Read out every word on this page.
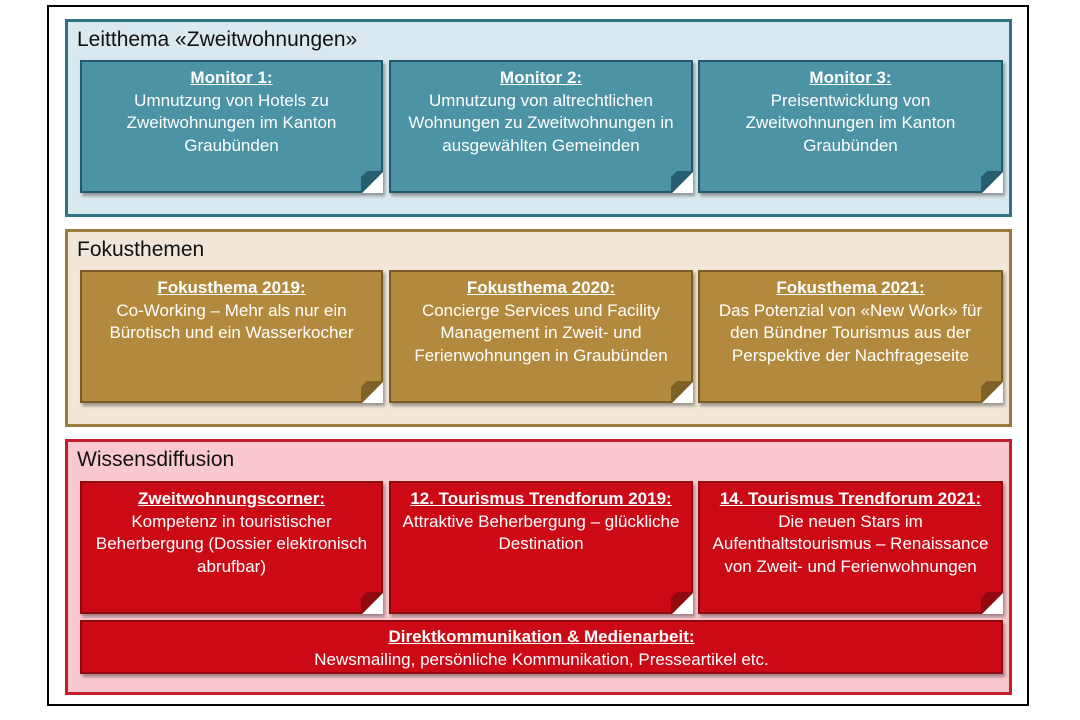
Leitthema «Zweitwohnungen»
Monitor 1:
Umnutzung von Hotels zu Zweitwohnungen im Kanton Graubünden
Monitor 2:
Umnutzung von altrechtlichen Wohnungen zu Zweitwohnungen in ausgewählten Gemeinden
Monitor 3:
Preisentwicklung von Zweitwohnungen im Kanton Graubünden
Fokusthemen
Fokusthema 2019:
Co-Working – Mehr als nur ein Bürotisch und ein Wasserkocher
Fokusthema 2020:
Concierge Services und Facility Management in Zweit- und Ferienwohnungen in Graubünden
Fokusthema 2021:
Das Potenzial von «New Work» für den Bündner Tourismus aus der Perspektive der Nachfrageseite
Wissensdiffusion
Zweitwohnungscorner:
Kompetenz in touristischer Beherbergung (Dossier elektronisch abrufbar)
12. Tourismus Trendforum 2019:
Attraktive Beherbergung – glückliche Destination
14. Tourismus Trendforum 2021:
Die neuen Stars im Aufenthaltstourismus – Renaissance von Zweit- und Ferienwohnungen
Direktkommunikation & Medienarbeit:
Newsmailing, persönliche Kommunikation, Presseartikel etc.
